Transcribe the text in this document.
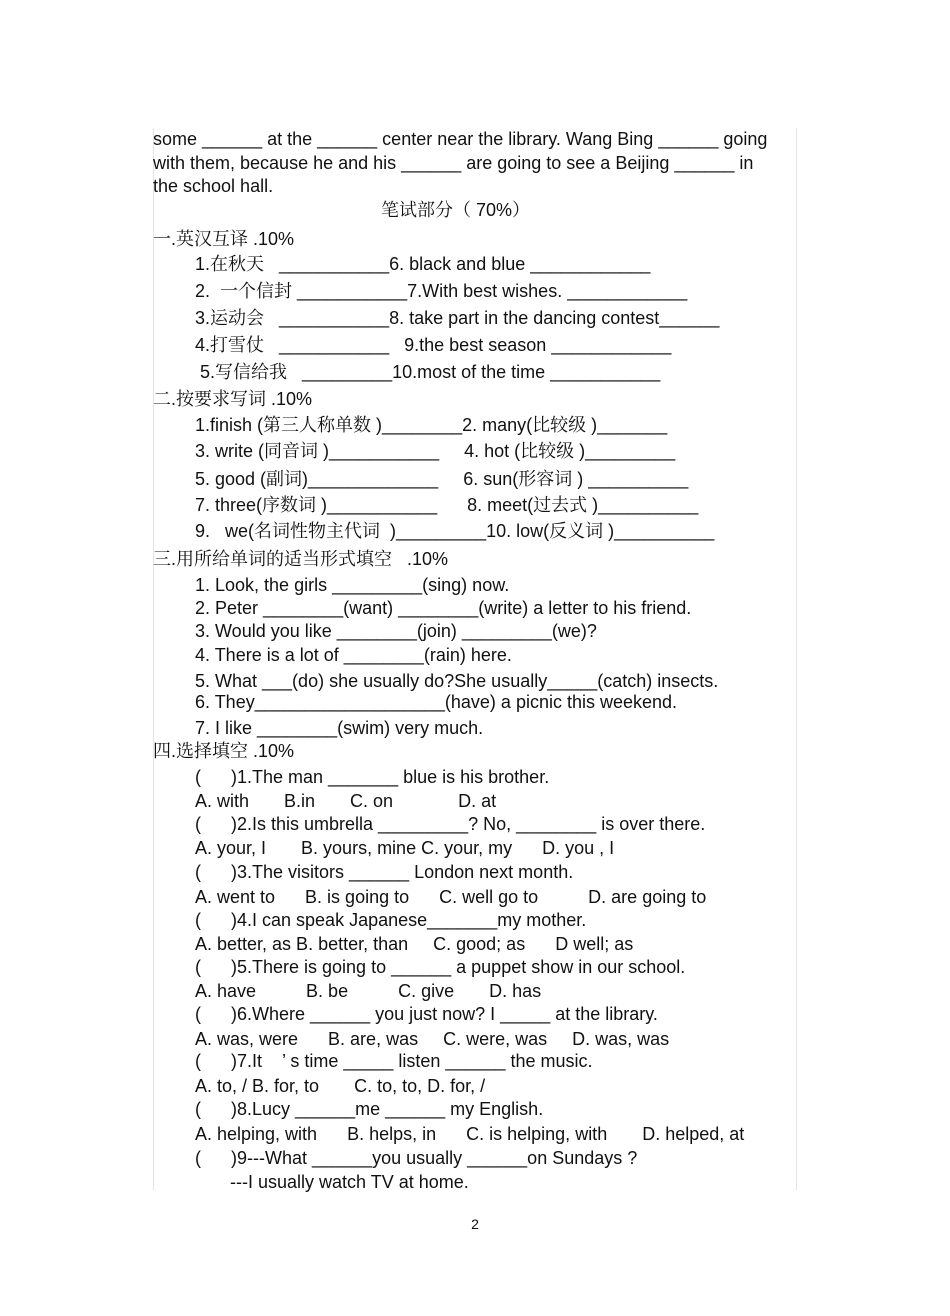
some ______ at the ______ center near the library. Wang Bing ______ going
with them, because he and his ______ are going to see a Beijing ______ in
the school hall.
笔试部分（ 70%）
一.英汉互译 .10%
1.在秋天   ___________6. black and blue ____________
2.  一个信封 ___________7.With best wishes. ____________
3.运动会   ___________8. take part in the dancing contest______
4.打雪仗   ___________   9.the best season ____________
5.写信给我   _________10.most of the time ___________
二.按要求写词 .10%
1.finish (第三人称单数 )________2. many(比较级 )_______
3. write (同音词 )___________     4. hot (比较级 )_________
5. good (副词)_____________     6. sun(形容词 ) __________
7. three(序数词 )___________      8. meet(过去式 )__________
9.   we(名词性物主代词  )_________10. low(反义词 )__________
三.用所给单词的适当形式填空   .10%
1. Look, the girls _________(sing) now.
2. Peter ________(want) ________(write) a letter to his friend.
3. Would you like ________(join) _________(we)?
4. There is a lot of ________(rain) here.
5. What ___(do) she usually do?She usually_____(catch) insects.
6. They___________________(have) a picnic this weekend.
7. I like ________(swim) very much.
四.选择填空 .10%
(      )1.The man _______ blue is his brother.
A. with       B.in       C. on             D. at
(      )2.Is this umbrella _________? No, ________ is over there.
A. your, I       B. yours, mine C. your, my      D. you , I
(      )3.The visitors ______ London next month.
A. went to      B. is going to      C. well go to          D. are going to
(      )4.I can speak Japanese_______my mother.
A. better, as B. better, than     C. good; as      D well; as
(      )5.There is going to ______ a puppet show in our school.
A. have          B. be          C. give       D. has
(      )6.Where ______ you just now? I _____ at the library.
A. was, were      B. are, was     C. were, was     D. was, was
(      )7.It    ’ s time _____ listen ______ the music.
A. to, / B. for, to       C. to, to, D. for, /
(      )8.Lucy ______me ______ my English.
A. helping, with      B. helps, in      C. is helping, with       D. helped, at
(      )9---What ______you usually ______on Sundays ?
---I usually watch TV at home.
2
